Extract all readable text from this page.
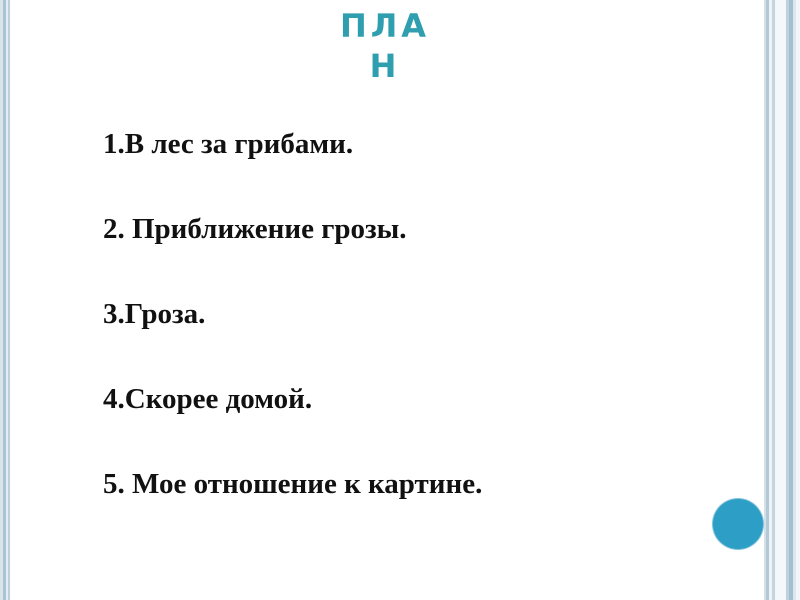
ПЛАН
1.В лес за грибами.
2. Приближение грозы.
3.Гроза.
4.Скорее домой.
5. Мое отношение к картине.
